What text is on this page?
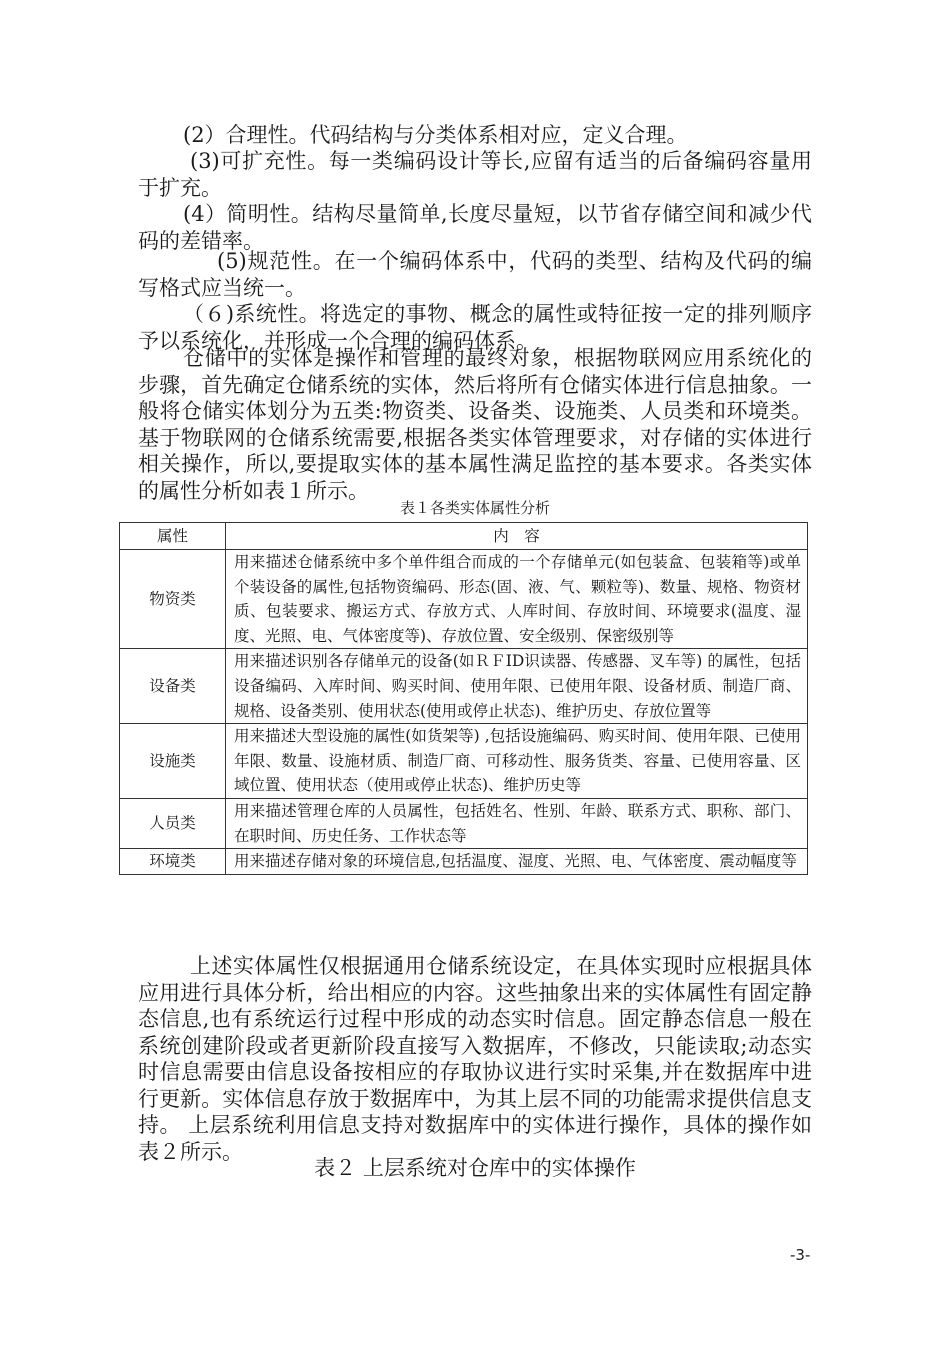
(2）合理性。代码结构与分类体系相对应，定义合理。

(3)可扩充性。每一类编码设计等长,应留有适当的后备编码容量用于扩充。

(4）简明性。结构尽量简单,长度尽量短，以节省存储空间和减少代码的差错率。

(5)规范性。在一个编码体系中，代码的类型、结构及代码的编写格式应当统一。

（６)系统性。将选定的事物、概念的属性或特征按一定的排列顺序予以系统化，并形成一个合理的编码体系。

仓储中的实体是操作和管理的最终对象，根据物联网应用系统化的步骤，首先确定仓储系统的实体，然后将所有仓储实体进行信息抽象。一般将仓储实体划分为五类:物资类、设备类、设施类、人员类和环境类。基于物联网的仓储系统需要,根据各类实体管理要求，对存储的实体进行相关操作，所以,要提取实体的基本属性满足监控的基本要求。各类实体的属性分析如表１所示。

表１各类实体属性分析

属性	内　容
物资类	用来描述仓储系统中多个单件组合而成的一个存储单元(如包装盒、包装箱等)或单个装设备的属性,包括物资编码、形态(固、液、气、颗粒等)、数量、规格、物资材质、包装要求、搬运方式、存放方式、人库时间、存放时间、环境要求(温度、湿度、光照、电、气体密度等)、存放位置、安全级别、保密级别等
设备类	用来描述识别各存储单元的设备(如ＲＦID识读器、传感器、叉车等) 的属性，包括设备编码、入库时间、购买时间、使用年限、已使用年限、设备材质、制造厂商、规格、设备类别、使用状态(使用或停止状态)、维护历史、存放位置等
设施类	用来描述大型设施的属性(如货架等) ,包括设施编码、购买时间、使用年限、已使用年限、数量、设施材质、制造厂商、可移动性、服务货类、容量、已使用容量、区域位置、使用状态（使用或停止状态)、维护历史等
人员类	用来描述管理仓库的人员属性，包括姓名、性别、年龄、联系方式、职称、部门、在职时间、历史任务、工作状态等
环境类	用来描述存储对象的环境信息,包括温度、湿度、光照、电、气体密度、震动幅度等

上述实体属性仅根据通用仓储系统设定，在具体实现时应根据具体应用进行具体分析，给出相应的内容。这些抽象出来的实体属性有固定静态信息,也有系统运行过程中形成的动态实时信息。固定静态信息一般在系统创建阶段或者更新阶段直接写入数据库，不修改，只能读取;动态实时信息需要由信息设备按相应的存取协议进行实时采集,并在数据库中进行更新。实体信息存放于数据库中，为其上层不同的功能需求提供信息支持。 上层系统利用信息支持对数据库中的实体进行操作，具体的操作如表２所示。

表２ 上层系统对仓库中的实体操作

-3-
